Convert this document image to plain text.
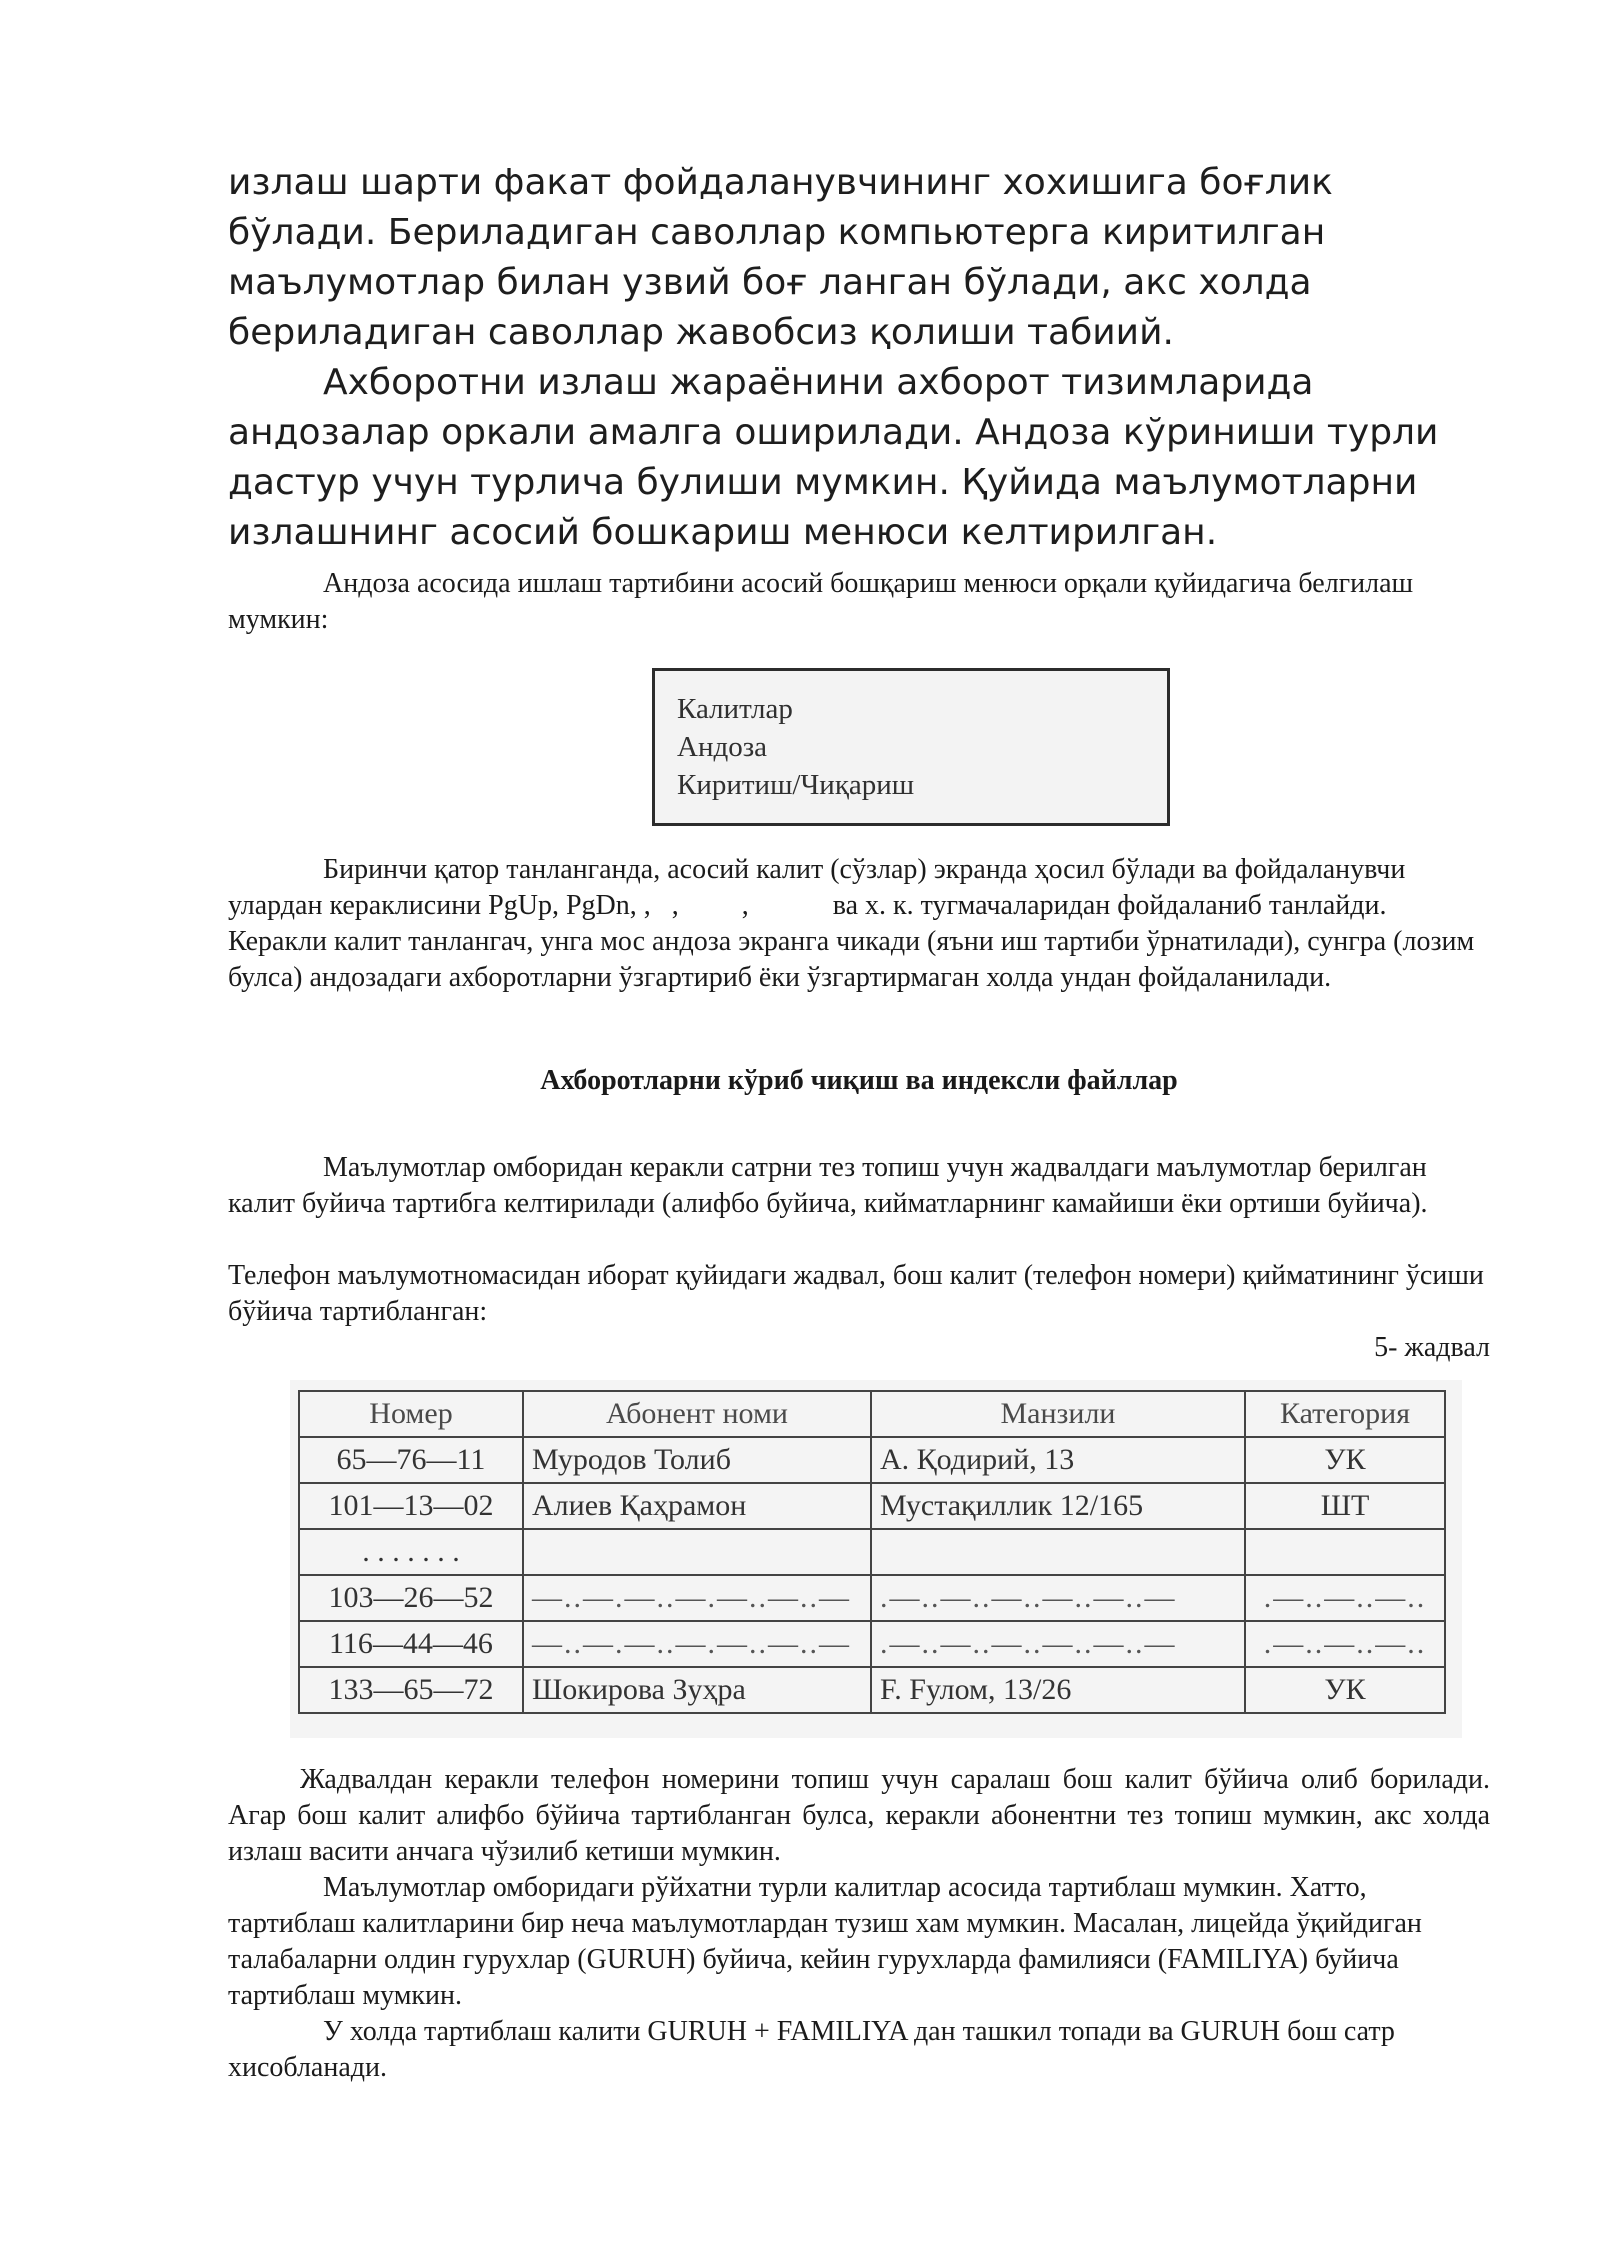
излаш шарти факат фойдаланувчининг хохишига боғлик бўлади. Бериладиган саволлар компьютерга киритилган маълумотлар билан узвий боғ ланган бўлади, акс холда бериладиган саволлар жавобсиз қолиши табиий.

Ахборотни излаш жараёнини ахборот тизимларида андозалар оркали амалга оширилади. Андоза кўриниши турли дастур учун турлича булиши мумкин. Қуйида маълумотларни излашнинг асосий бошкариш менюси келтирилган.

Андоза асосида ишлаш тартибини асосий бошқариш менюси орқали қуйидагича белгилаш мумкин:

Калитлар
Андоза
Киритиш/Чиқариш

Биринчи қатор танланганда, асосий калит (сўзлар) экранда ҳосил бўлади ва фойдаланувчи улардан кераклисини PgUp, PgDn, ,   ,         ,            ва х. к. тугмачаларидан фойдаланиб танлайди. Керакли калит танлангач, унга мос андоза экранга чикади (яъни иш тартиби ўрнатилади), сунгра (лозим булса) андозадаги ахборотларни ўзгартириб ёки ўзгартирмаган холда ундан фойдаланилади.

Ахборотларни кўриб чиқиш ва индексли файллар

Маълумотлар омборидан керакли сатрни тез топиш учун жадвалдаги маълумотлар берилган калит буйича тартибга келтирилади (алифбо буйича, кийматларнинг камайиши ёки ортиши буйича).

Телефон маълумотномасидан иборат қуйидаги жадвал, бош калит (телефон номери) қийматининг ўсиши бўйича тартибланган:

5- жадвал
Номер	Абонент номи	Манзили	Категория
65—76—11	Муродов Толиб	А. Қодирий, 13	УК
101—13—02	Алиев Қаҳрамон	Мустақиллик 12/165	ШТ
. . . . . . .			
103—26—52	—..—.—..—.—..—..—	.—..—..—..—..—..—	.—..—..—..
116—44—46	—..—.—..—.—..—..—	.—..—..—..—..—..—	.—..—..—..
133—65—72	Шокирова Зуҳра	F. Fулом, 13/26	УК

Жадвалдан керакли телефон номерини топиш учун саралаш бош калит бўйича олиб борилади. Агар бош калит алифбо бўйича тартибланган булса, керакли абонентни тез топиш мумкин, акс холда излаш васити анчага чўзилиб кетиши мумкин.

Маълумотлар омборидаги рўйхатни турли калитлар асосида тартиблаш мумкин. Хатто, тартиблаш калитларини бир неча маълумотлардан тузиш хам мумкин. Масалан, лицейда ўқийдиган талабаларни олдин гурухлар (GURUH) буйича, кейин гурухларда фамилияси (FAMILIYA) буйича тартиблаш мумкин.

У холда тартиблаш калити GURUH + FAMILIYA дан ташкил топади ва GURUH бош сатр хисобланади.
